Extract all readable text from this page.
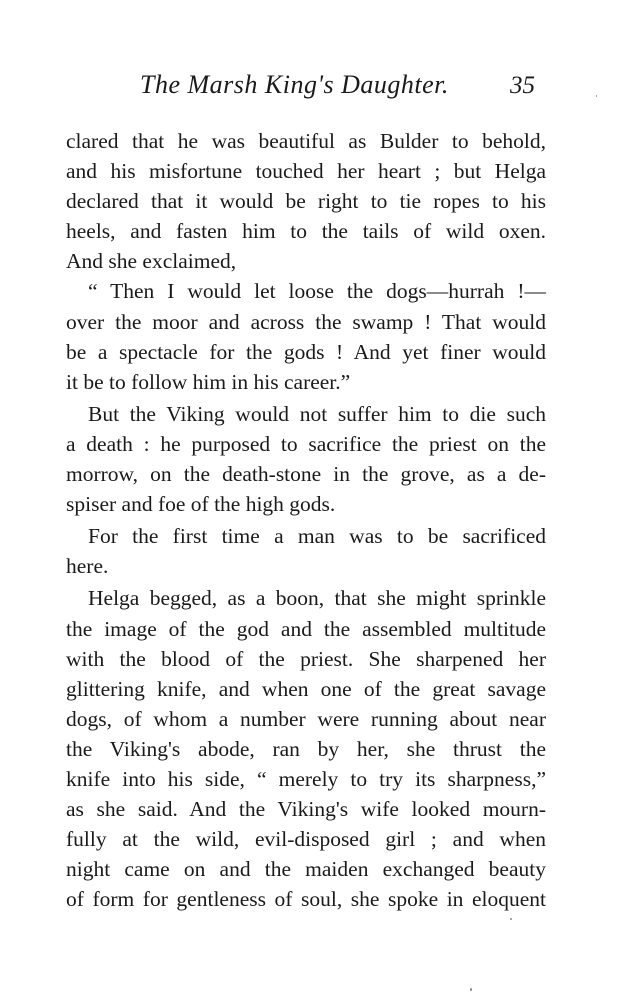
The Marsh King's Daughter. 35
clared that he was beautiful as Bulder to behold,
and his misfortune touched her heart ; but Helga
declared that it would be right to tie ropes to his
heels, and fasten him to the tails of wild oxen.
And she exclaimed,
“ Then I would let loose the dogs—hurrah !—
over the moor and across the swamp ! That would
be a spectacle for the gods ! And yet finer would
it be to follow him in his career.”
But the Viking would not suffer him to die such
a death : he purposed to sacrifice the priest on the
morrow, on the death-stone in the grove, as a de-
spiser and foe of the high gods.
For the first time a man was to be sacrificed
here.
Helga begged, as a boon, that she might sprinkle
the image of the god and the assembled multitude
with the blood of the priest. She sharpened her
glittering knife, and when one of the great savage
dogs, of whom a number were running about near
the Viking's abode, ran by her, she thrust the
knife into his side, “ merely to try its sharpness,”
as she said. And the Viking's wife looked mourn-
fully at the wild, evil-disposed girl ; and when
night came on and the maiden exchanged beauty
of form for gentleness of soul, she spoke in eloquent
